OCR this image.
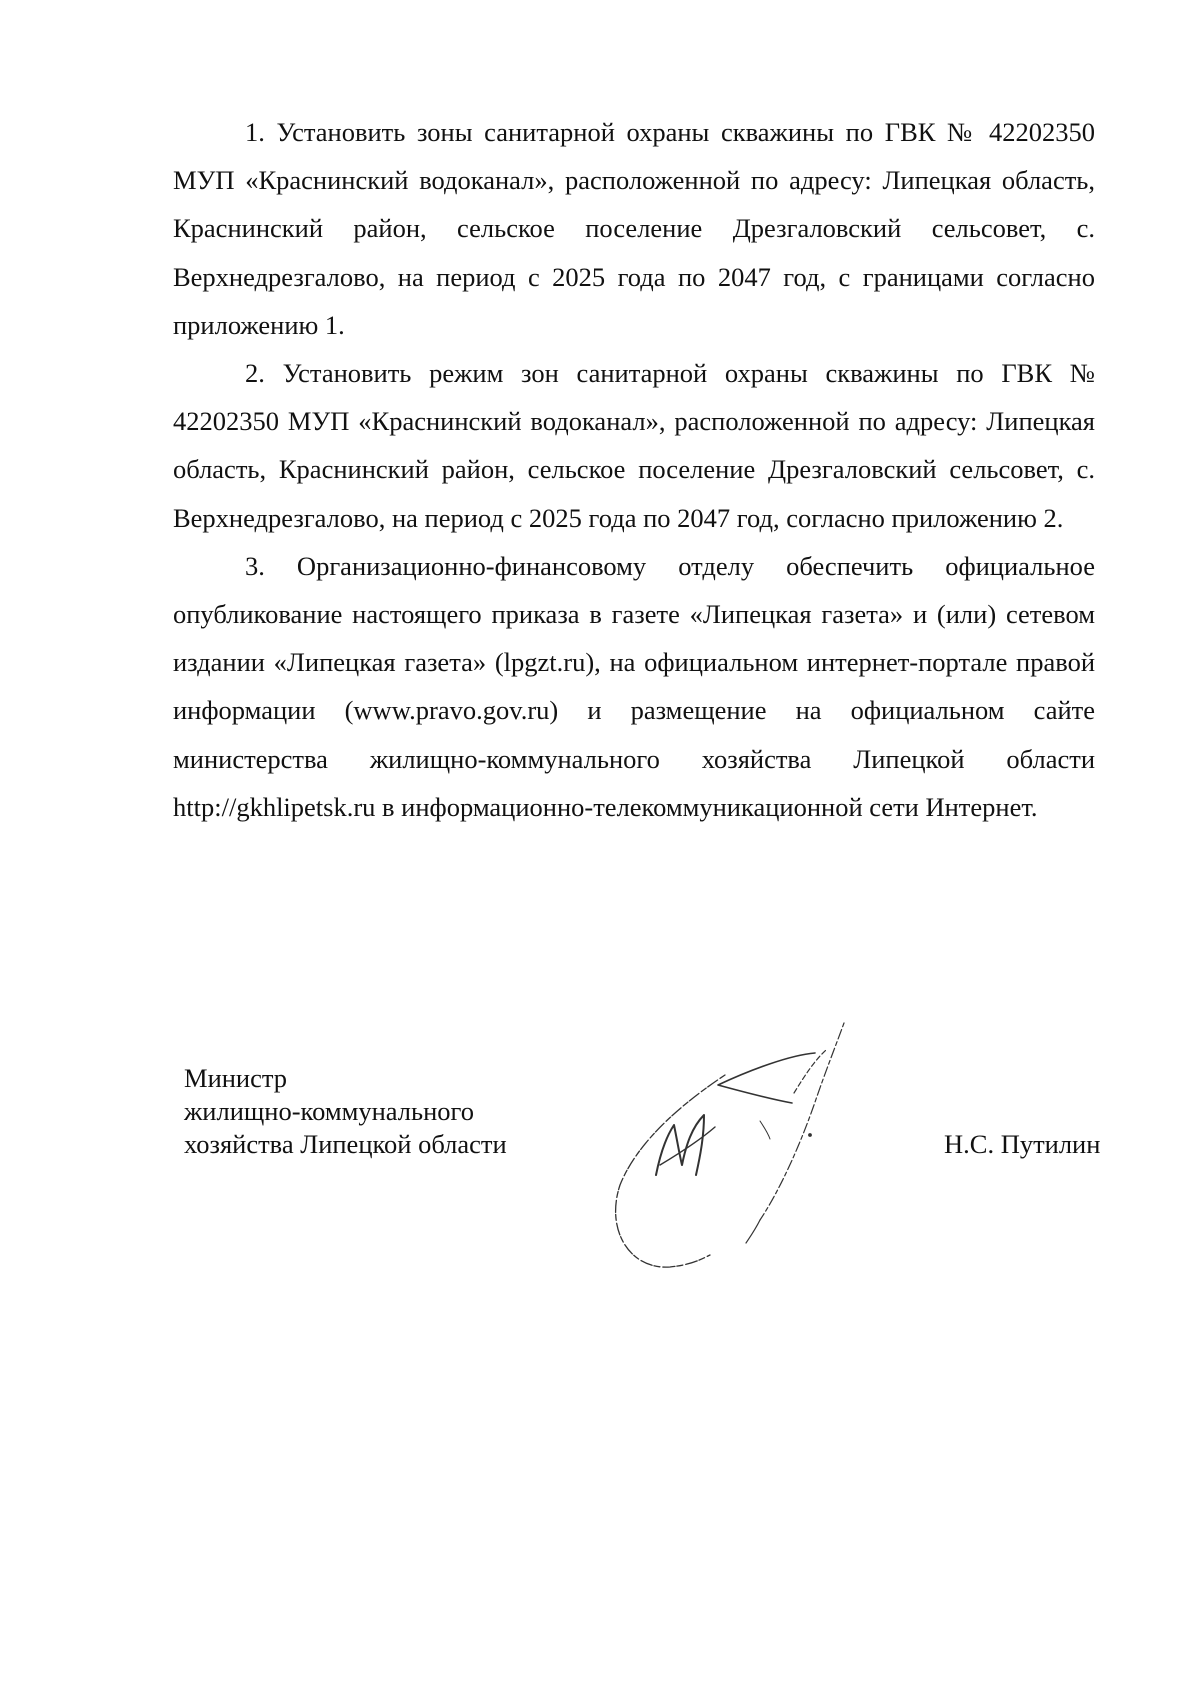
1. Установить зоны санитарной охраны скважины по ГВК № 42202350 МУП «Краснинский водоканал», расположенной по адресу: Липецкая область, Краснинский район, сельское поселение Дрезгаловский сельсовет, с. Верхнедрезгалово, на период с 2025 года по 2047 год, с границами согласно приложению 1.

2. Установить режим зон санитарной охраны скважины по ГВК № 42202350 МУП «Краснинский водоканал», расположенной по адресу: Липецкая область, Краснинский район, сельское поселение Дрезгаловский сельсовет, с. Верхнедрезгалово, на период с 2025 года по 2047 год, согласно приложению 2.

3. Организационно-финансовому отделу обеспечить официальное опубликование настоящего приказа в газете «Липецкая газета» и (или) сетевом издании «Липецкая газета» (lpgzt.ru), на официальном интернет-портале правой информации (www.pravo.gov.ru) и размещение на официальном сайте министерства жилищно-коммунального хозяйства Липецкой области http://gkhlipetsk.ru в информационно-телекоммуникационной сети Интернет.

Министр
жилищно-коммунального
хозяйства Липецкой области	Н.С. Путилин
